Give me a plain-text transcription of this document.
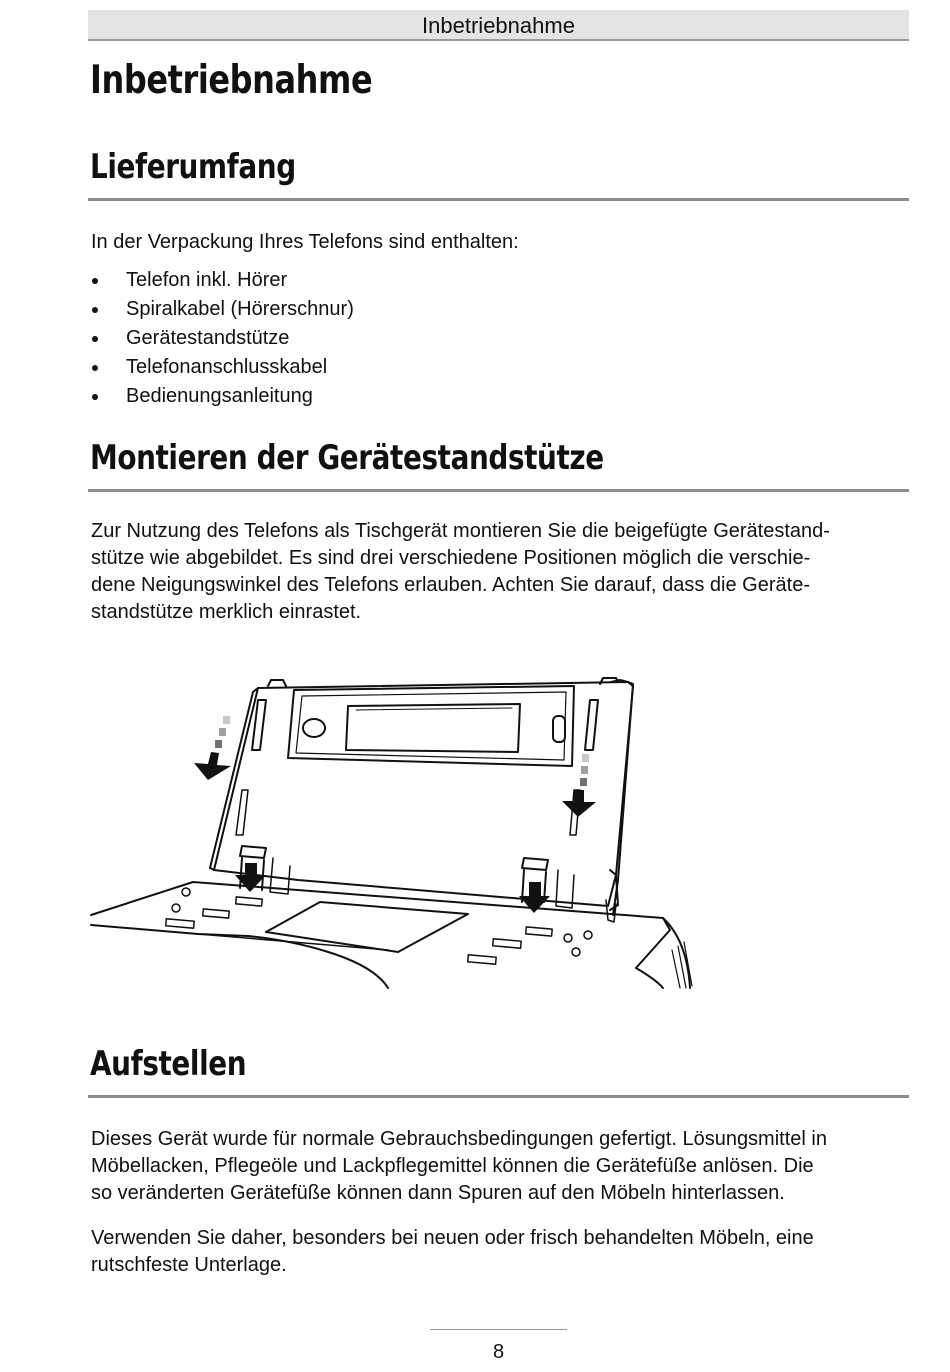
Inbetriebnahme
Inbetriebnahme
Lieferumfang

In der Verpackung Ihres Telefons sind enthalten:

Telefon inkl. Hörer
Spiralkabel (Hörerschnur)
Gerätestandstütze
Telefonanschlusskabel
Bedienungsanleitung
Montieren der Gerätestandstütze
Zur Nutzung des Telefons als Tischgerät montieren Sie die beigefügte Gerätestand-
stütze wie abgebildet. Es sind drei verschiedene Positionen möglich die verschie-
dene Neigungswinkel des Telefons erlauben. Achten Sie darauf, dass die Geräte-
standstütze merklich einrastet.
Aufstellen
Dieses Gerät wurde für normale Gebrauchsbedingungen gefertigt. Lösungsmittel in
Möbellacken, Pflegeöle und Lackpflegemittel können die Gerätefüße anlösen. Die
so veränderten Gerätefüße können dann Spuren auf den Möbeln hinterlassen.
Verwenden Sie daher, besonders bei neuen oder frisch behandelten Möbeln, eine
rutschfeste Unterlage.
8
